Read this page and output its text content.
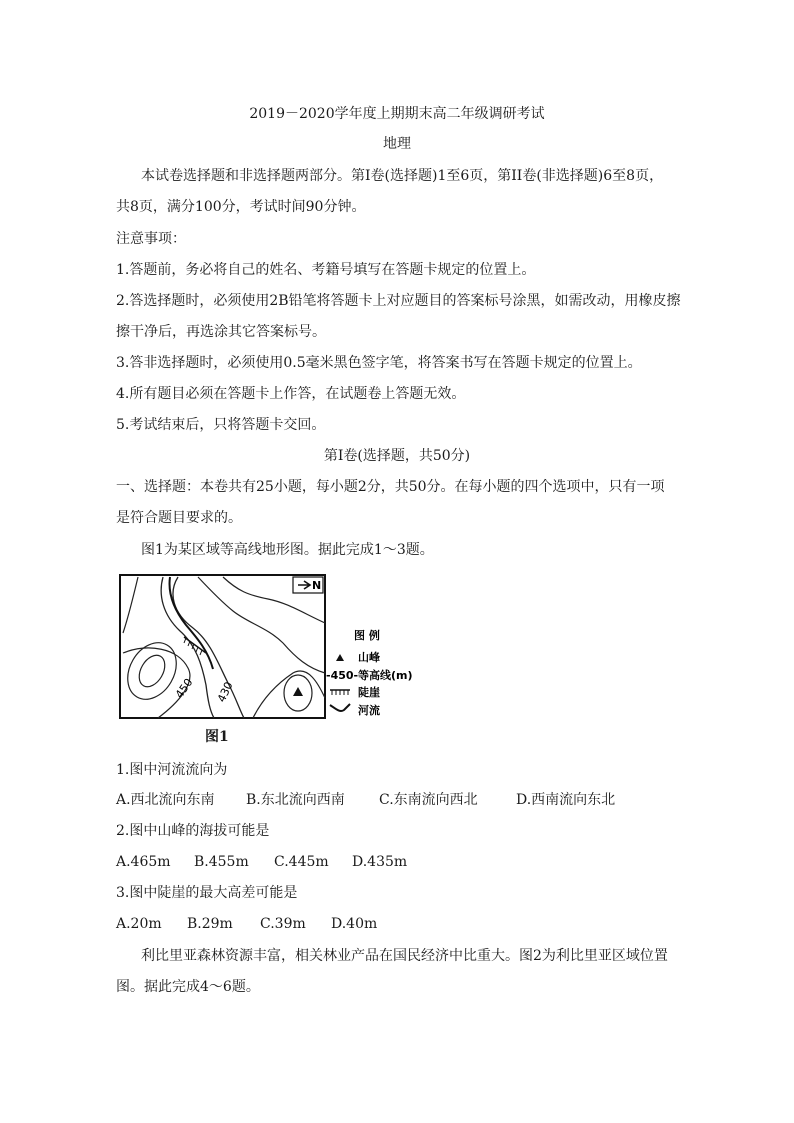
2019－2020学年度上期期末高二年级调研考试
地理
本试卷选择题和非选择题两部分。第Ⅰ卷(选择题)1至6页，第II卷(非选择题)6至8页，
共8页，满分100分，考试时间90分钟。
注意事项：
1.答题前，务必将自己的姓名、考籍号填写在答题卡规定的位置上。
2.答选择题时，必须使用2B铅笔将答题卡上对应题目的答案标号涂黑，如需改动，用橡皮擦
擦干净后，再选涂其它答案标号。
3.答非选择题时，必须使用0.5毫米黑色签字笔，将答案书写在答题卡规定的位置上。
4.所有题目必须在答题卡上作答，在试题卷上答题无效。
5.考试结束后，只将答题卡交回。
第Ⅰ卷(选择题，共50分)
一、选择题：本卷共有25小题，每小题2分，共50分。在每小题的四个选项中，只有一项
是符合题目要求的。
图1为某区域等高线地形图。据此完成1～3题。
N
450 430
图 例
山峰
-450- 等高线(m)
陡崖
河流
图1
1.图中河流流向为
A.西北流向东南 B.东北流向西南 C.东南流向西北	D.西南流向东北
2.图中山峰的海拔可能是
A.465m B.455m C.445m D.435m
3.图中陡崖的最大高差可能是
A.20m B.29m C.39m D.40m
利比里亚森林资源丰富，相关林业产品在国民经济中比重大。图2为利比里亚区域位置
图。据此完成4～6题。
